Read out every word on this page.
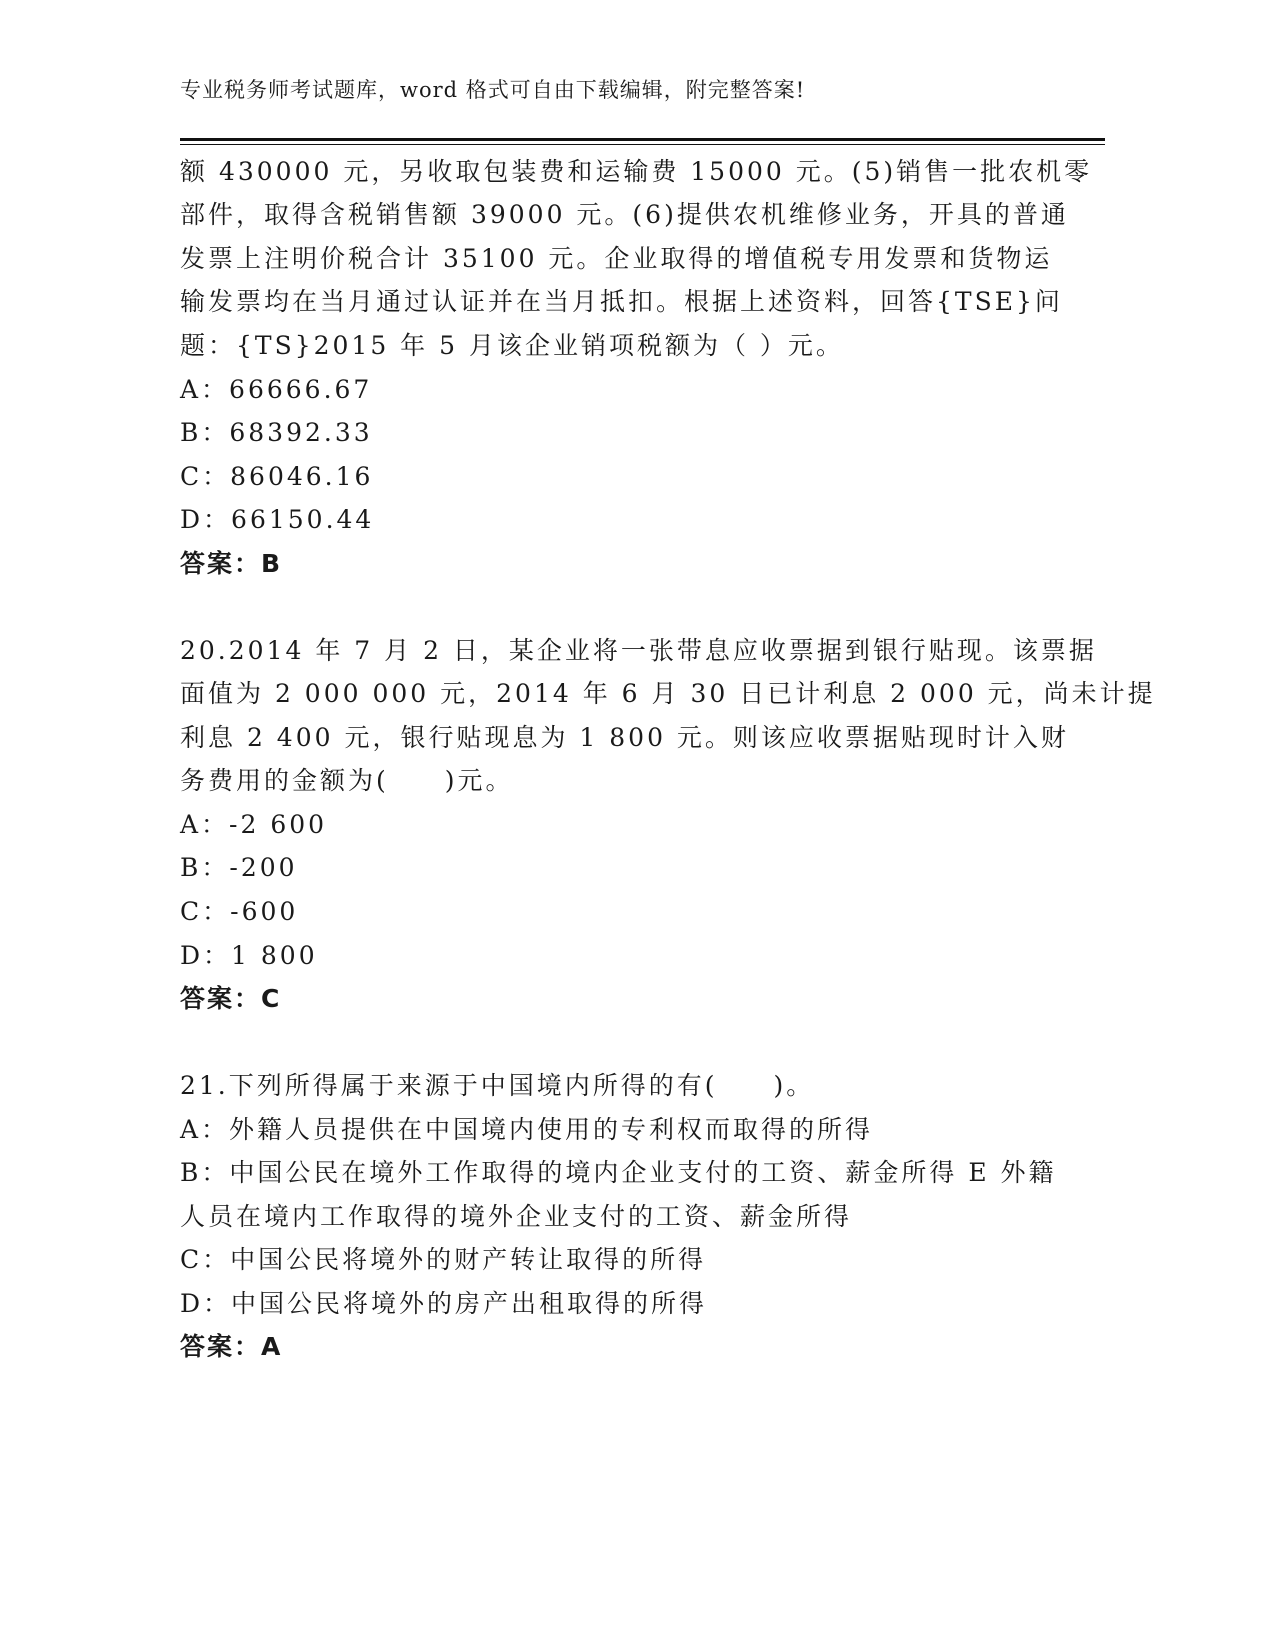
专业税务师考试题库，word 格式可自由下载编辑，附完整答案!
额 430000 元，另收取包装费和运输费 15000 元。(5)销售一批农机零
部件，取得含税销售额 39000 元。(6)提供农机维修业务，开具的普通
发票上注明价税合计 35100 元。企业取得的增值税专用发票和货物运
输发票均在当月通过认证并在当月抵扣。根据上述资料，回答{TSE}问
题：{TS}2015 年 5 月该企业销项税额为（ ）元。
A：66666.67
B：68392.33
C：86046.16
D：66150.44
答案：B
20.2014 年 7 月 2 日，某企业将一张带息应收票据到银行贴现。该票据
面值为 2 000 000 元，2014 年 6 月 30 日已计利息 2 000 元，尚未计提
利息 2 400 元，银行贴现息为 1 800 元。则该应收票据贴现时计入财
务费用的金额为(　　)元。
A：-2 600
B：-200
C：-600
D：1 800
答案：C
21.下列所得属于来源于中国境内所得的有(　　)。
A：外籍人员提供在中国境内使用的专利权而取得的所得
B：中国公民在境外工作取得的境内企业支付的工资、薪金所得 E 外籍
人员在境内工作取得的境外企业支付的工资、薪金所得
C：中国公民将境外的财产转让取得的所得
D：中国公民将境外的房产出租取得的所得
答案：A
